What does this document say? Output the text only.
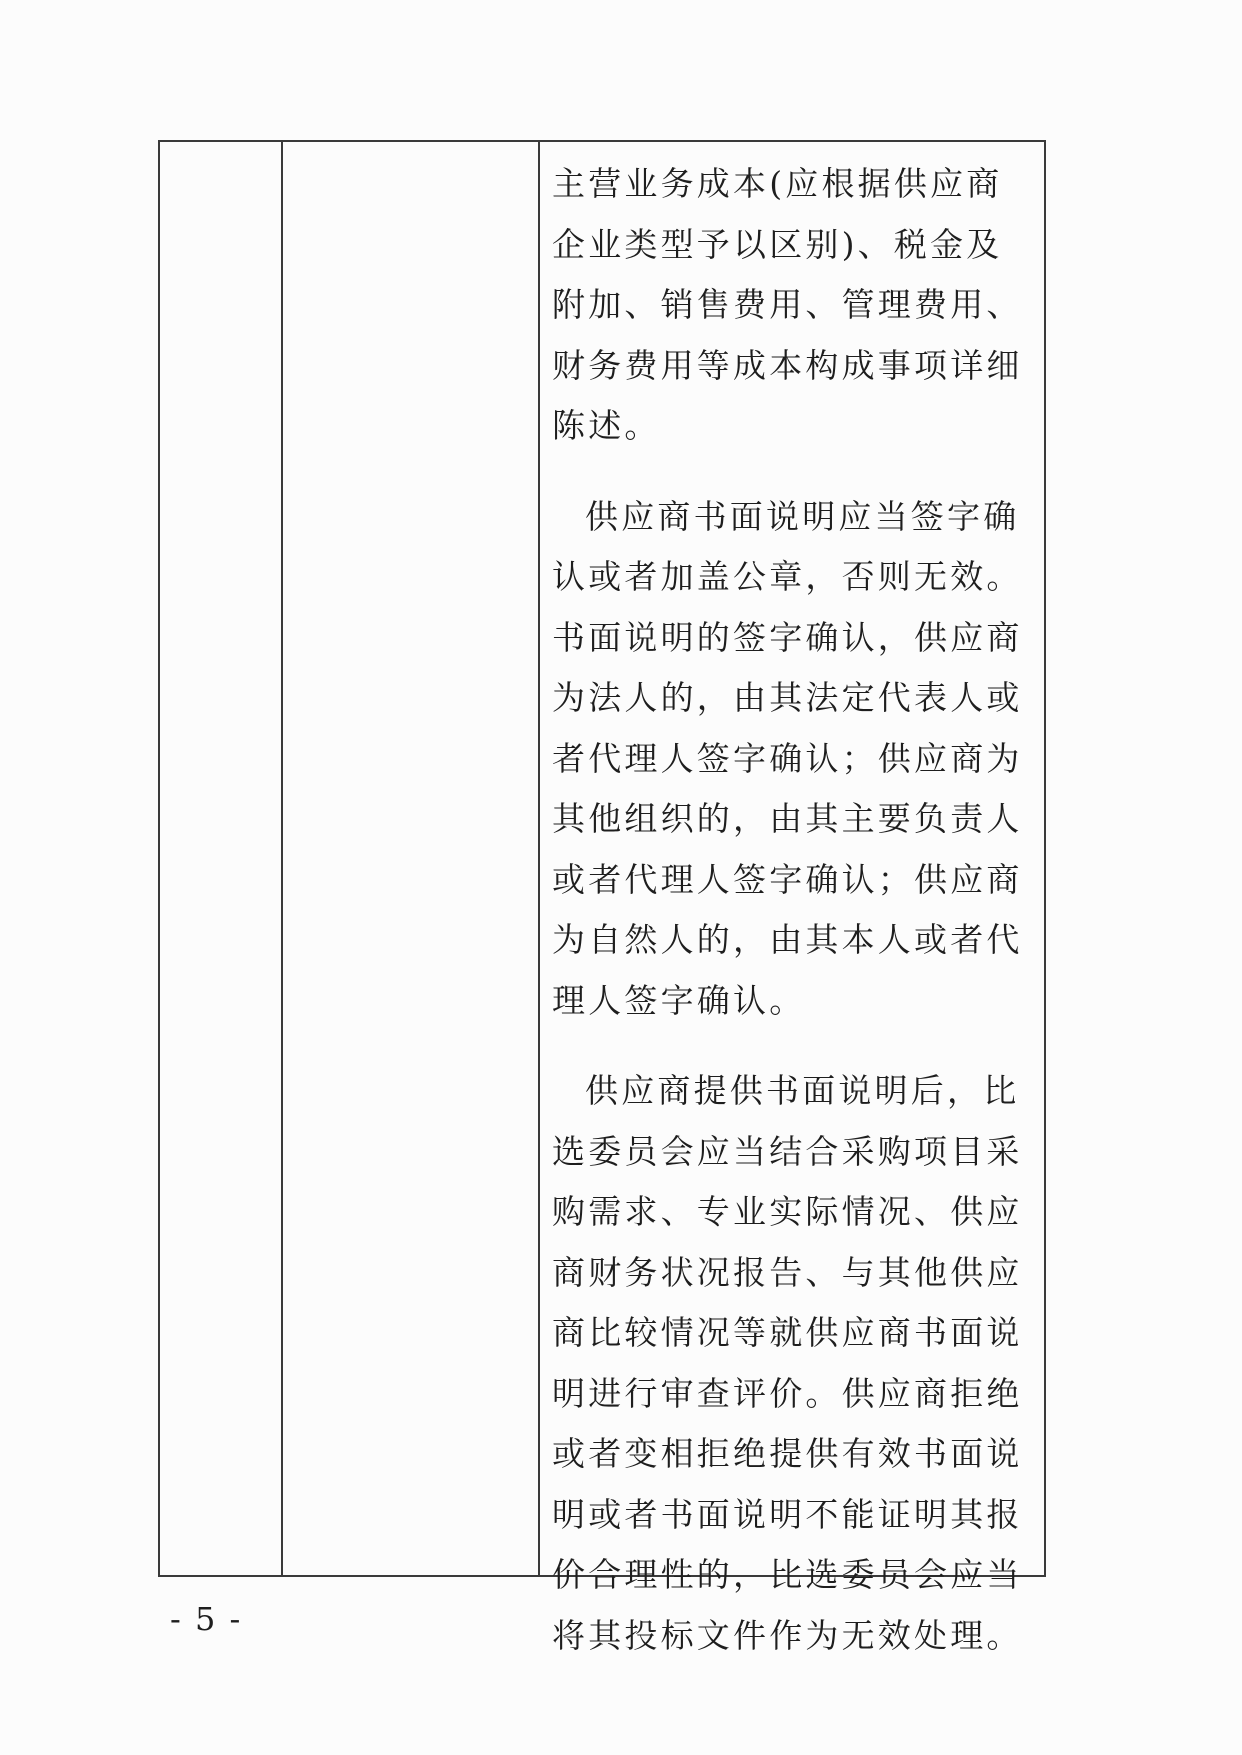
主营业务成本(应根据供应商企业类型予以区别)、税金及附加、销售费用、管理费用、财务费用等成本构成事项详细陈述。

供应商书面说明应当签字确认或者加盖公章，否则无效。书面说明的签字确认，供应商为法人的，由其法定代表人或者代理人签字确认；供应商为其他组织的，由其主要负责人或者代理人签字确认；供应商为自然人的，由其本人或者代理人签字确认。

供应商提供书面说明后，比选委员会应当结合采购项目采购需求、专业实际情况、供应商财务状况报告、与其他供应商比较情况等就供应商书面说明进行审查评价。供应商拒绝或者变相拒绝提供有效书面说明或者书面说明不能证明其报价合理性的，比选委员会应当将其投标文件作为无效处理。

- 5 -
